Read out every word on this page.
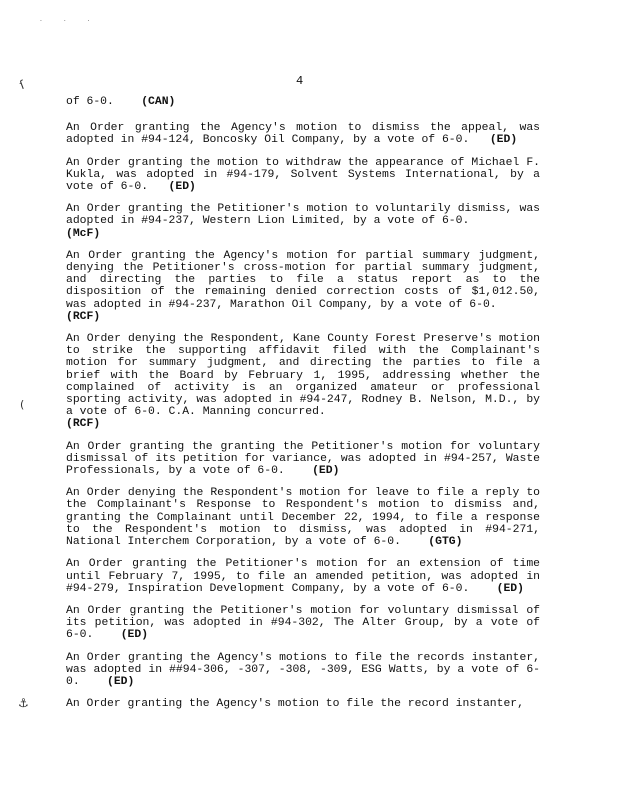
· · ·
ſ
(
⚓
4

of 6-0. (CAN)

An Order granting the Agency's motion to dismiss the appeal, was adopted in #94-124, Boncosky Oil Company, by a vote of 6-0. (ED)

An Order granting the motion to withdraw the appearance of Michael F. Kukla, was adopted in #94-179, Solvent Systems International, by a vote of 6-0. (ED)

An Order granting the Petitioner's motion to voluntarily dismiss, was adopted in #94-237, Western Lion Limited, by a vote of 6-0.
(McF)

An Order granting the Agency's motion for partial summary judgment, denying the Petitioner's cross-motion for partial summary judgment, and directing the parties to file a status report as to the disposition of the remaining denied correction costs of $1,012.50, was adopted in #94-237, Marathon Oil Company, by a vote of 6-0.
(RCF)

An Order denying the Respondent, Kane County Forest Preserve's motion to strike the supporting affidavit filed with the Complainant's motion for summary judgment, and directing the parties to file a brief with the Board by February 1, 1995, addressing whether the complained of activity is an organized amateur or professional sporting activity, was adopted in #94-247, Rodney B. Nelson, M.D., by a vote of 6-0. C.A. Manning concurred.
(RCF)

An Order granting the granting the Petitioner's motion for voluntary dismissal of its petition for variance, was adopted in #94-257, Waste Professionals, by a vote of 6-0. (ED)

An Order denying the Respondent's motion for leave to file a reply to the Complainant's Response to Respondent's motion to dismiss and, granting the Complainant until December 22, 1994, to file a response to the Respondent's motion to dismiss, was adopted in #94-271, National Interchem Corporation, by a vote of 6-0. (GTG)

An Order granting the Petitioner's motion for an extension of time until February 7, 1995, to file an amended petition, was adopted in #94-279, Inspiration Development Company, by a vote of 6-0. (ED)

An Order granting the Petitioner's motion for voluntary dismissal of its petition, was adopted in #94-302, The Alter Group, by a vote of 6-0. (ED)

An Order granting the Agency's motions to file the records instanter, was adopted in ##94-306, -307, -308, -309, ESG Watts, by a vote of 6-0. (ED)

An Order granting the Agency's motion to file the record instanter,
